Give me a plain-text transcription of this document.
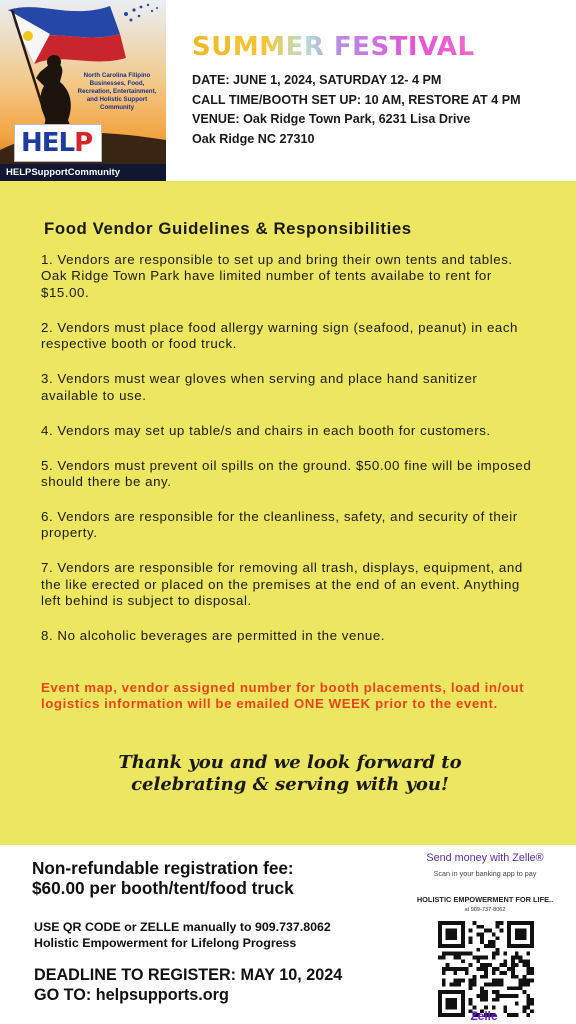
North Carolina Filipino Businesses, Food, Recreation, Entertainment, and Holistic Support Community
HELP
HELPSupportCommunity
SUMMER FESTIVAL
DATE: JUNE 1, 2024, SATURDAY 12- 4 PM
CALL TIME/BOOTH SET UP: 10 AM, RESTORE AT 4 PM
VENUE: Oak Ridge Town Park, 6231 Lisa Drive
Oak Ridge NC 27310
Food Vendor Guidelines & Responsibilities

1. Vendors are responsible to set up and bring their own tents and tables. Oak Ridge Town Park have limited number of tents availabe to rent for $15.00.

2. Vendors must place food allergy warning sign (seafood, peanut) in each respective booth or food truck.

3. Vendors must wear gloves when serving and place hand sanitizer available to use.

4. Vendors may set up table/s and chairs in each booth for customers.

5. Vendors must prevent oil spills on the ground. $50.00 fine will be imposed should there be any.

6. Vendors are responsible for the cleanliness, safety, and security of their property.

7. Vendors are responsible for removing all trash, displays, equipment, and the like erected or placed on the premises at the end of an event. Anything left behind is subject to disposal.

8. No alcoholic beverages are permitted in the venue.

Event map, vendor assigned number for booth placements, load in/out logistics information will be emailed ONE WEEK prior to the event.
Thank you and we look forward to
celebrating & serving with you!
Non-refundable registration fee:
$60.00 per booth/tent/food truck
USE QR CODE or ZELLE manually to 909.737.8062
Holistic Empowerment for Lifelong Progress
DEADLINE TO REGISTER: MAY 10, 2024
GO TO: helpsupports.org
Send money with Zelle®
Scan in your banking app to pay
HOLISTIC EMPOWERMENT FOR LIFE..
at 909-737-8062
Zelle
